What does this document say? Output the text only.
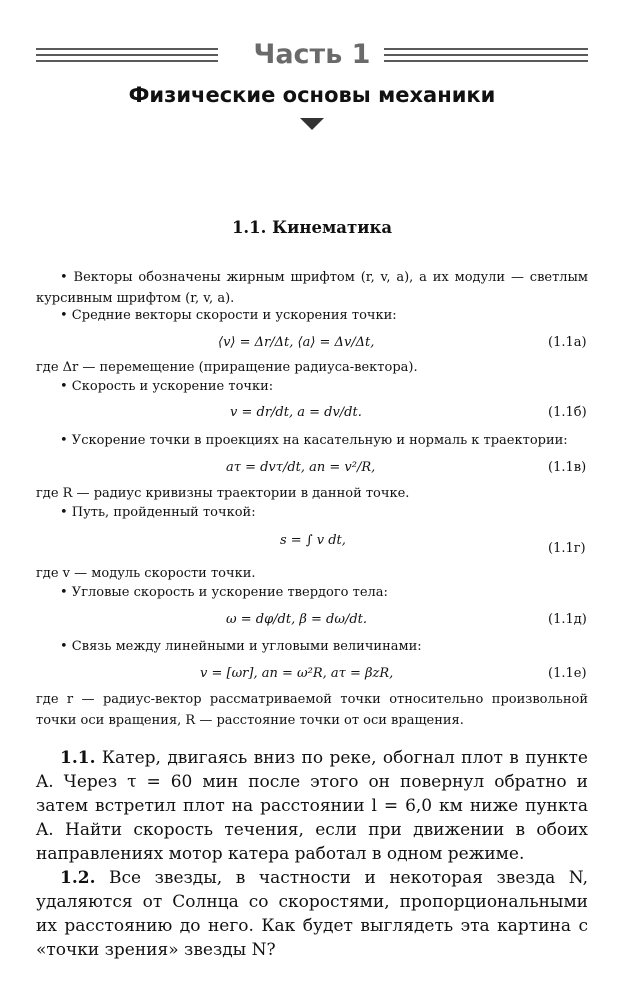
Часть 1
Физические основы механики
1.1. Кинематика
• Векторы обозначены жирным шрифтом (r, v, a), а их модули — светлым курсивным шрифтом (r, v, a).
• Средние векторы скорости и ускорения точки:
⟨v⟩ = Δr/Δt, ⟨a⟩ = Δv/Δt,	(1.1а)
где Δr — перемещение (приращение радиуса-вектора).
• Скорость и ускорение точки:
v = dr/dt, a = dv/dt.	(1.1б)
• Ускорение точки в проекциях на касательную и нормаль к траектории:
aτ = dvτ/dt, an = v²/R,	(1.1в)
где R — радиус кривизны траектории в данной точке.
• Путь, пройденный точкой:
s = ∫ v dt,
(1.1г)
где v — модуль скорости точки.
• Угловые скорость и ускорение твердого тела:
ω = dφ/dt, β = dω/dt.	(1.1д)
• Связь между линейными и угловыми величинами:
v = [ωr], an = ω²R, aτ = βzR,	(1.1е)
где r — радиус-вектор рассматриваемой точки относительно произвольной точки оси вращения, R — расстояние точки от оси вращения.
1.1. Катер, двигаясь вниз по реке, обогнал плот в пункте A. Через τ = 60 мин после этого он повернул обратно и затем встретил плот на расстоянии l = 6,0 км ниже пункта A. Найти скорость течения, если при движении в обоих направлениях мотор катера работал в одном режиме.
1.2. Все звезды, в частности и некоторая звезда N, удаляются от Солнца со скоростями, пропорциональными их расстоянию до него. Как будет выглядеть эта картина с «точки зрения» звезды N?
